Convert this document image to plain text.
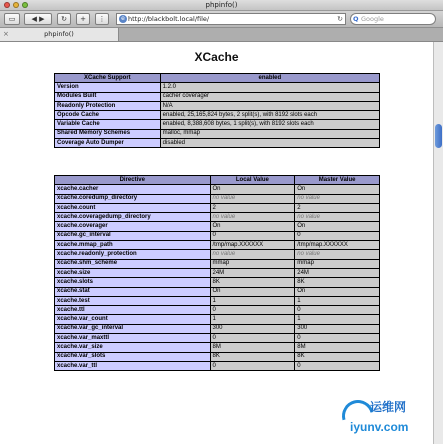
phpinfo()
▭	◀ ▶	↻	+	⋮	e http://blackbolt.local/file/	↻ Q Google
×	phpinfo()
XCache
XCache Support	enabled
Version	1.2.0
Modules Built	cacher coverager
Readonly Protection	N/A
Opcode Cache	enabled, 25,165,824 bytes, 2 split(s), with 8192 slots each
Variable Cache	enabled, 8,388,608 bytes, 1 split(s), with 8192 slots each
Shared Memory Schemes	malloc, mmap
Coverage Auto Dumper	disabled
Directive	Local Value	Master Value
xcache.cacher	On	On
xcache.coredump_directory	no value	no value
xcache.count	2	2
xcache.coveragedump_directory	no value	no value
xcache.coverager	On	On
xcache.gc_interval	0	0
xcache.mmap_path	/tmp/map.XXXXXX	/tmp/map.XXXXXX
xcache.readonly_protection	no value	no value
xcache.shm_scheme	mmap	mmap
xcache.size	24M	24M
xcache.slots	8K	8K
xcache.stat	On	On
xcache.test	1	1
xcache.ttl	0	0
xcache.var_count	1	1
xcache.var_gc_interval	300	300
xcache.var_maxttl	0	0
xcache.var_size	8M	8M
xcache.var_slots	8K	8K
xcache.var_ttl	0	0
运维网
iyunv.com
